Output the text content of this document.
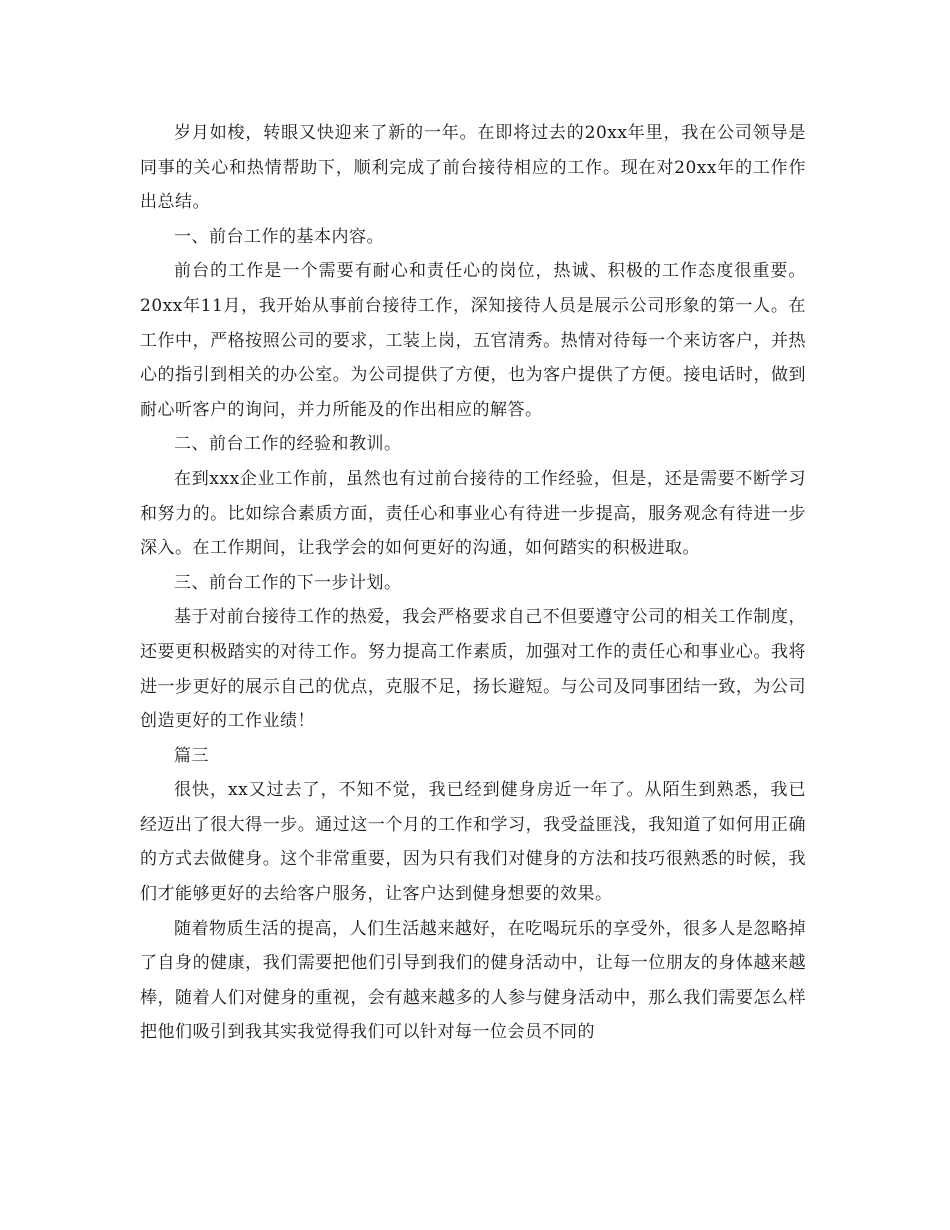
岁月如梭，转眼又快迎来了新的一年。在即将过去的20xx年里，我在公司领导是同事的关心和热情帮助下，顺利完成了前台接待相应的工作。现在对20xx年的工作作出总结。

一、前台工作的基本内容。

前台的工作是一个需要有耐心和责任心的岗位，热诚、积极的工作态度很重要。20xx年11月，我开始从事前台接待工作，深知接待人员是展示公司形象的第一人。在工作中，严格按照公司的要求，工装上岗，五官清秀。热情对待每一个来访客户，并热心的指引到相关的办公室。为公司提供了方便，也为客户提供了方便。接电话时，做到耐心听客户的询问，并力所能及的作出相应的解答。

二、前台工作的经验和教训。

在到xxx企业工作前，虽然也有过前台接待的工作经验，但是，还是需要不断学习和努力的。比如综合素质方面，责任心和事业心有待进一步提高，服务观念有待进一步深入。在工作期间，让我学会的如何更好的沟通，如何踏实的积极进取。

三、前台工作的下一步计划。

基于对前台接待工作的热爱，我会严格要求自己不但要遵守公司的相关工作制度，还要更积极踏实的对待工作。努力提高工作素质，加强对工作的责任心和事业心。我将进一步更好的展示自己的优点，克服不足，扬长避短。与公司及同事团结一致，为公司创造更好的工作业绩！

篇三

很快，xx又过去了，不知不觉，我已经到健身房近一年了。从陌生到熟悉，我已经迈出了很大得一步。通过这一个月的工作和学习，我受益匪浅，我知道了如何用正确的方式去做健身。这个非常重要，因为只有我们对健身的方法和技巧很熟悉的时候，我们才能够更好的去给客户服务，让客户达到健身想要的效果。

随着物质生活的提高，人们生活越来越好，在吃喝玩乐的享受外，很多人是忽略掉了自身的健康，我们需要把他们引导到我们的健身活动中，让每一位朋友的身体越来越棒，随着人们对健身的重视，会有越来越多的人参与健身活动中，那么我们需要怎么样把他们吸引到我其实我觉得我们可以针对每一位会员不同的
